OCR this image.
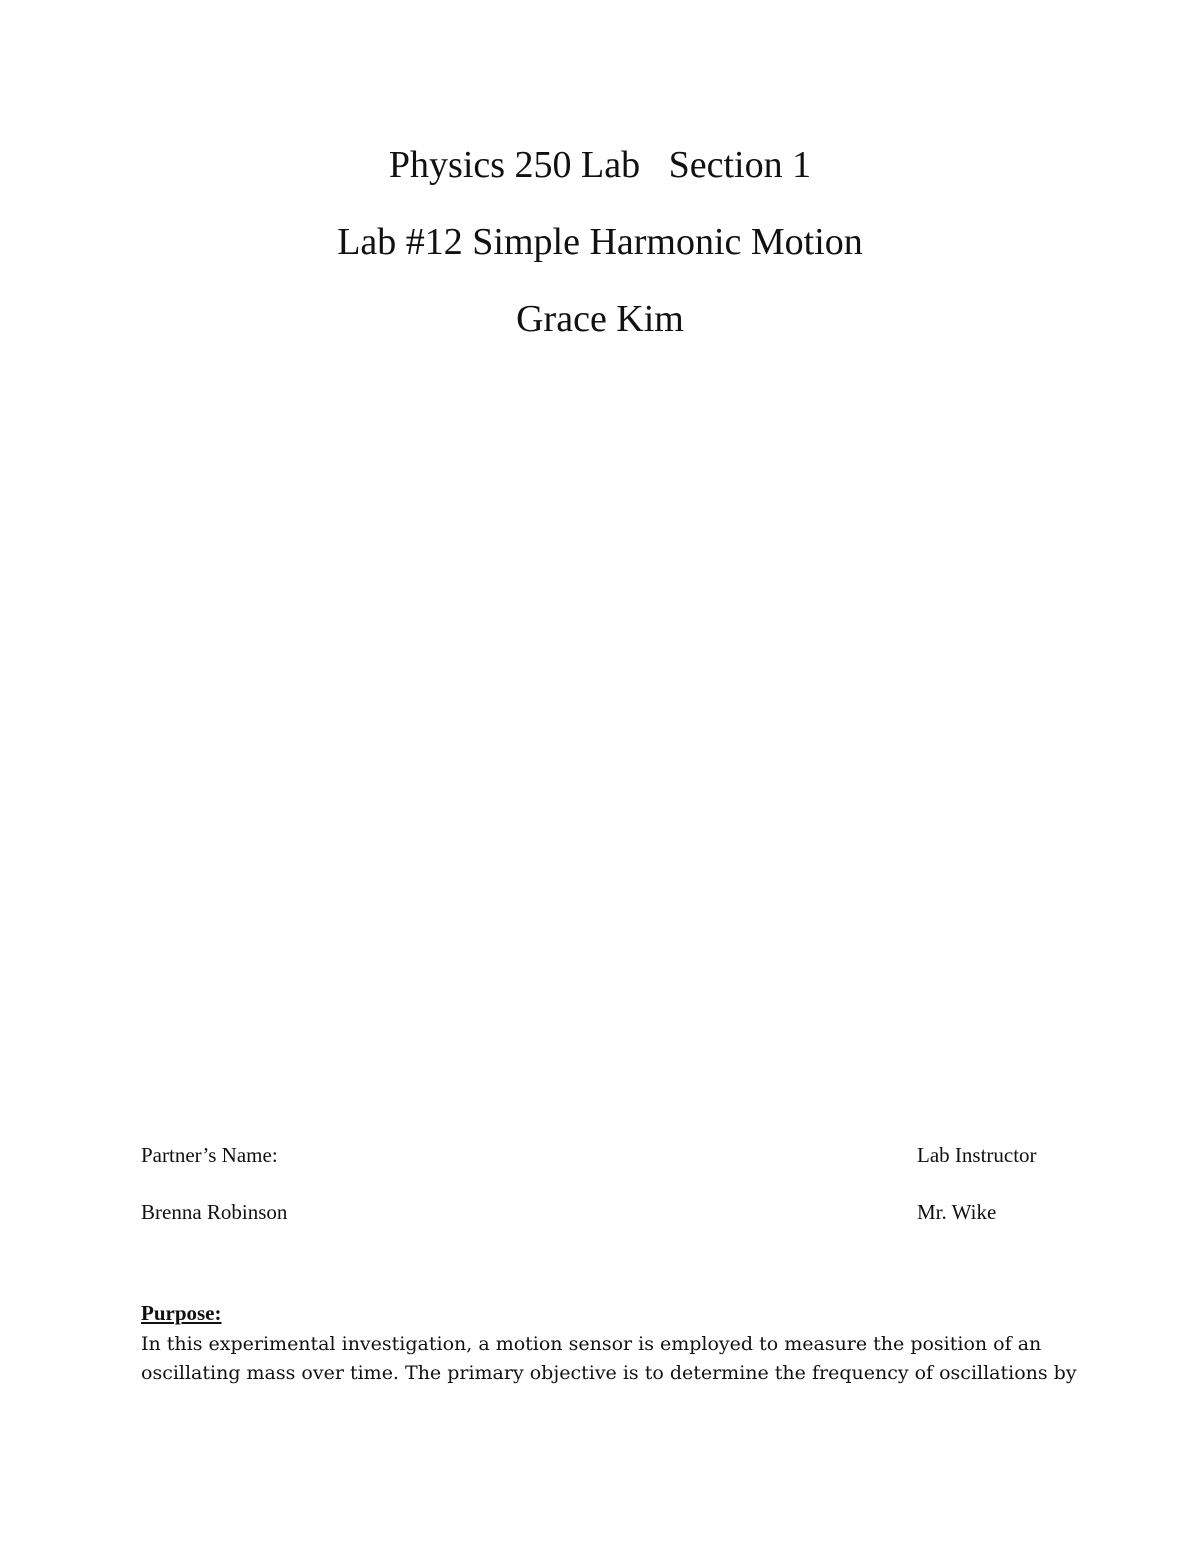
Physics 250 Lab   Section 1
Lab #12 Simple Harmonic Motion
Grace Kim
Partner’s Name:	Lab Instructor
Brenna Robinson	Mr. Wike
Purpose:
In this experimental investigation, a motion sensor is employed to measure the position of an
oscillating mass over time. The primary objective is to determine the frequency of oscillations by
